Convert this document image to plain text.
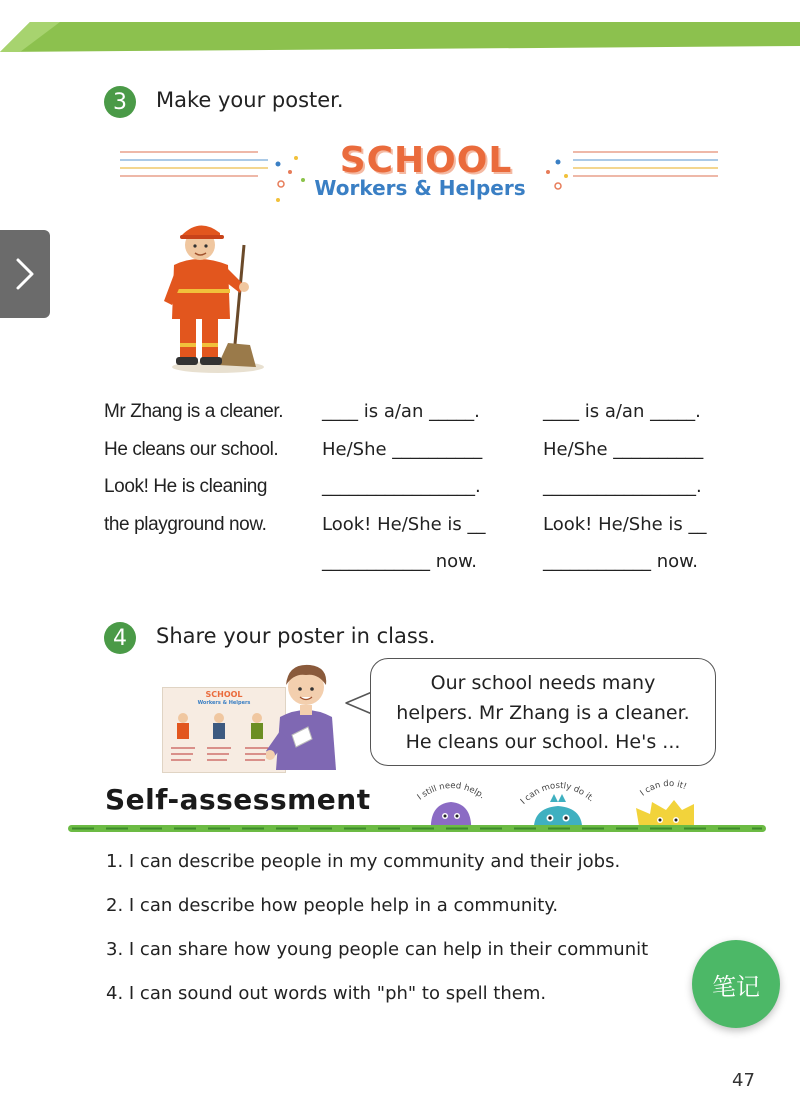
3	Make your poster.
SCHOOL
Workers & Helpers
Mr Zhang is a cleaner.
He cleans our school.
Look! He is cleaning
the playground now.
____ is a/an _____.
He/She __________
_________________.
Look! He/She is __
____________ now.
____ is a/an _____.
He/She __________
_________________.
Look! He/She is __
____________ now.
4	Share your poster in class.
SCHOOL
Workers & Helpers
Our school needs many
helpers. Mr Zhang is a cleaner.
He cleans our school. He's ...
Self-assessment	I still need help.
I can mostly do it.
I can do it!
1. I can describe people in my community and their jobs.
2. I can describe how people help in a community.
3. I can share how young people can help in their communit
4. I can sound out words with "ph" to spell them.	笔记
47
